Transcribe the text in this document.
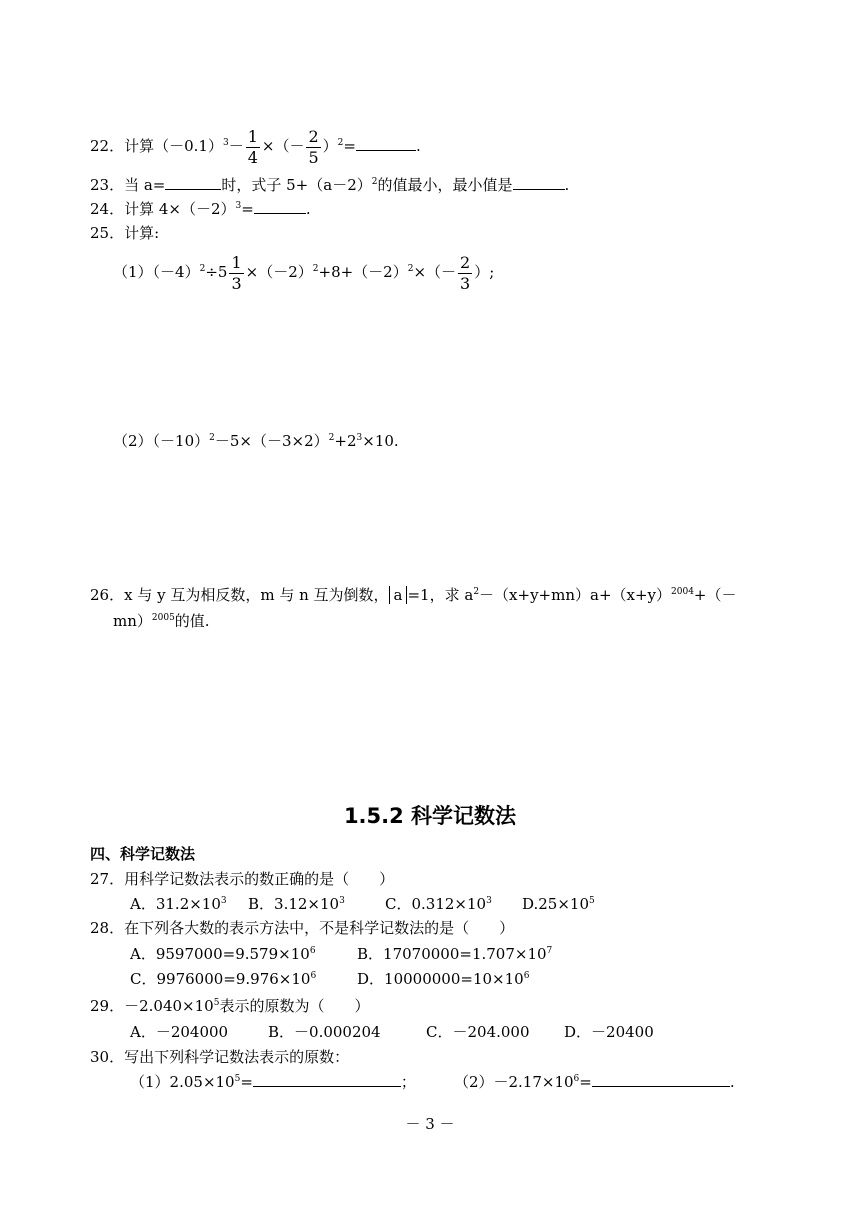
22．计算$(-0.1)^3- \frac{1}{4}$ ×（－ $\frac{2}{5} )^2=$	.
23．当 a=	时，式子 $5+(a-2)^2$的值最小，最小值是	.
24．计算 $4\times(-2)^3=$	.
25．计算:
$(1)(-4)^2\div 5 \frac{1}{3} \times(-2)^2+8+(-2)^2\times(- \frac{2}{3}$ ）;
$(2)(-10)^2-5\times(-3\times 2)^2+2^3\times 10$.
26．x 与 y 互为相反数，m 与 n 互为倒数， a =1，求 $a^2-(x+y+mn)a+(x+y)^{2004}+(-$
mn）$^{2005}$的值.
1.5.2 科学记数法
四、科学记数法
27．用科学记数法表示的数正确的是（　　）
A．$31.2\times 10^3$ B．$3.12\times 10^3$	C．$0.312\times 10^3$ $D.25\times 10^5$
28．在下列各大数的表示方法中，不是科学记数法的是（　　）
A．$9597000=9.579\times 10^6$	B．$17070000=1.707\times 10^7$
C．$9976000=9.976\times 10^6$	D．$10000000=10\times 10^6$
29．$-2.040\times 10^5$表示的原数为（　　）
A．－204000	B．－0.000204	C．－204.000 D．－20400
30．写出下列科学记数法表示的原数：
$(1)2.05\times 10^5=$	；	$(2)-2.17\times 10^6=$	.
－ 3 －
